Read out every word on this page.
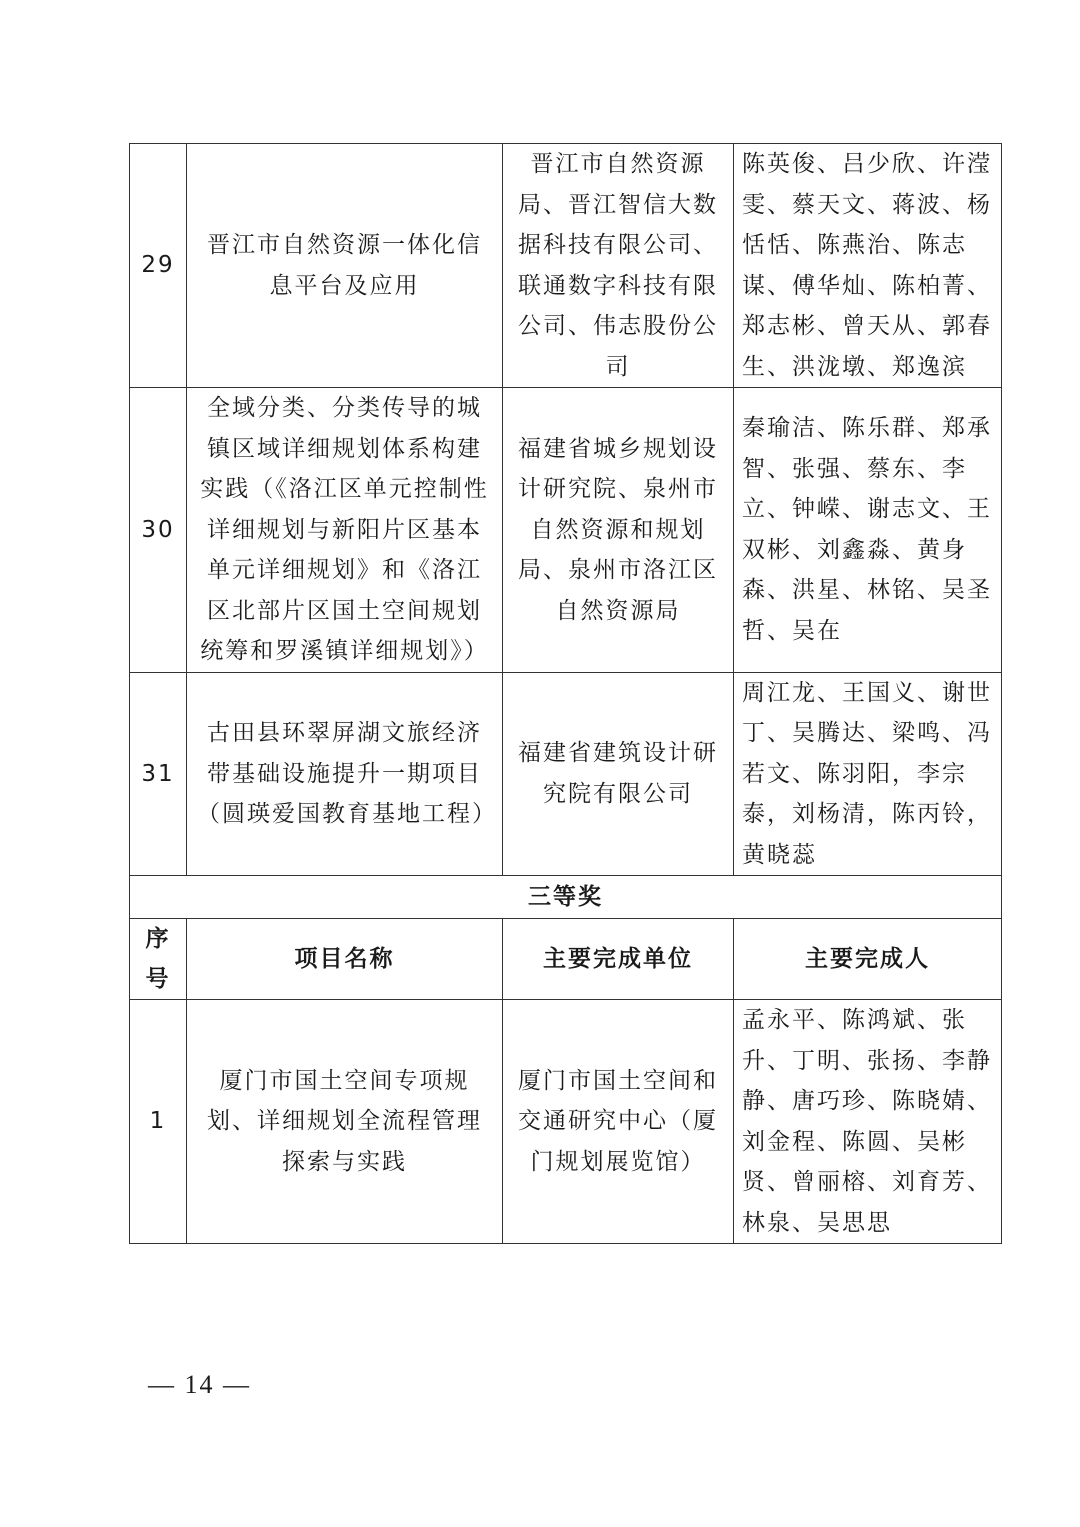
29	晋江市自然资源一体化信息平台及应用	晋江市自然资源局、晋江智信大数据科技有限公司、联通数字科技有限公司、伟志股份公司	陈英俊、吕少欣、许滢雯、蔡天文、蒋波、杨恬恬、陈燕治、陈志谋、傅华灿、陈柏菁、郑志彬、曾天从、郭春生、洪泷墩、郑逸滨
30	全域分类、分类传导的城镇区域详细规划体系构建实践（《洛江区单元控制性详细规划与新阳片区基本单元详细规划》和《洛江区北部片区国土空间规划统筹和罗溪镇详细规划》）	福建省城乡规划设计研究院、泉州市自然资源和规划局、泉州市洛江区自然资源局	秦瑜洁、陈乐群、郑承智、张强、蔡东、李立、钟嵘、谢志文、王双彬、刘鑫淼、黄身森、洪星、林铭、吴圣哲、吴在
31	古田县环翠屏湖文旅经济带基础设施提升一期项目（圆瑛爱国教育基地工程）	福建省建筑设计研究院有限公司	周江龙、王国义、谢世丁、吴腾达、梁鸣、冯若文、陈羽阳，李宗泰，刘杨清，陈丙铃，黄晓蕊
三等奖			
序号	项目名称	主要完成单位	主要完成人
1	厦门市国土空间专项规划、详细规划全流程管理探索与实践	厦门市国土空间和交通研究中心（厦门规划展览馆）	孟永平、陈鸿斌、张升、丁明、张扬、李静静、唐巧珍、陈晓婧、刘金程、陈圆、吴彬贤、曾丽榕、刘育芳、林泉、吴思思
— 14 —
